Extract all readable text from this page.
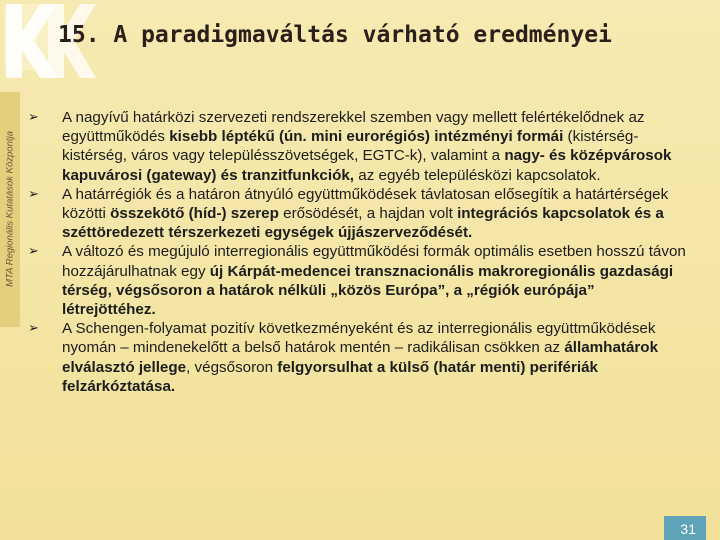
15. A paradigmaváltás várható eredményei
MTA Regionális Kutatások Központja
➢	A nagyívű határközi szervezeti rendszerekkel szemben vagy mellett felértékelődnek az együttműködés kisebb léptékű (ún. mini eurorégiós) intézményi formái (kistérség-kistérség, város vagy településszövetségek, EGTC-k), valamint a nagy- és középvárosok kapuvárosi (gateway) és tranzitfunkciók, az egyéb településközi kapcsolatok.
➢	A határrégiók és a határon átnyúló együttműködések távlatosan elősegítik a határtérségek közötti összekötő (híd-) szerep erősödését, a hajdan volt integrációs kapcsolatok és a széttöredezett térszerkezeti egységek újjászerveződését.
➢	A változó és megújuló interregionális együttműködési formák optimális esetben hosszú távon hozzájárulhatnak egy új Kárpát-medencei transznacionális makroregionális gazdasági térség, végsősoron a határok nélküli „közös Európa”, a „régiók európája” létrejöttéhez.
➢	A Schengen-folyamat pozitív következményeként és az interregionális együttműködések nyomán – mindenekelőtt a belső határok mentén – radikálisan csökken az államhatárok elválasztó jellege, végsősoron felgyorsulhat a külső (határ menti) perifériák felzárkóztatása.
31
